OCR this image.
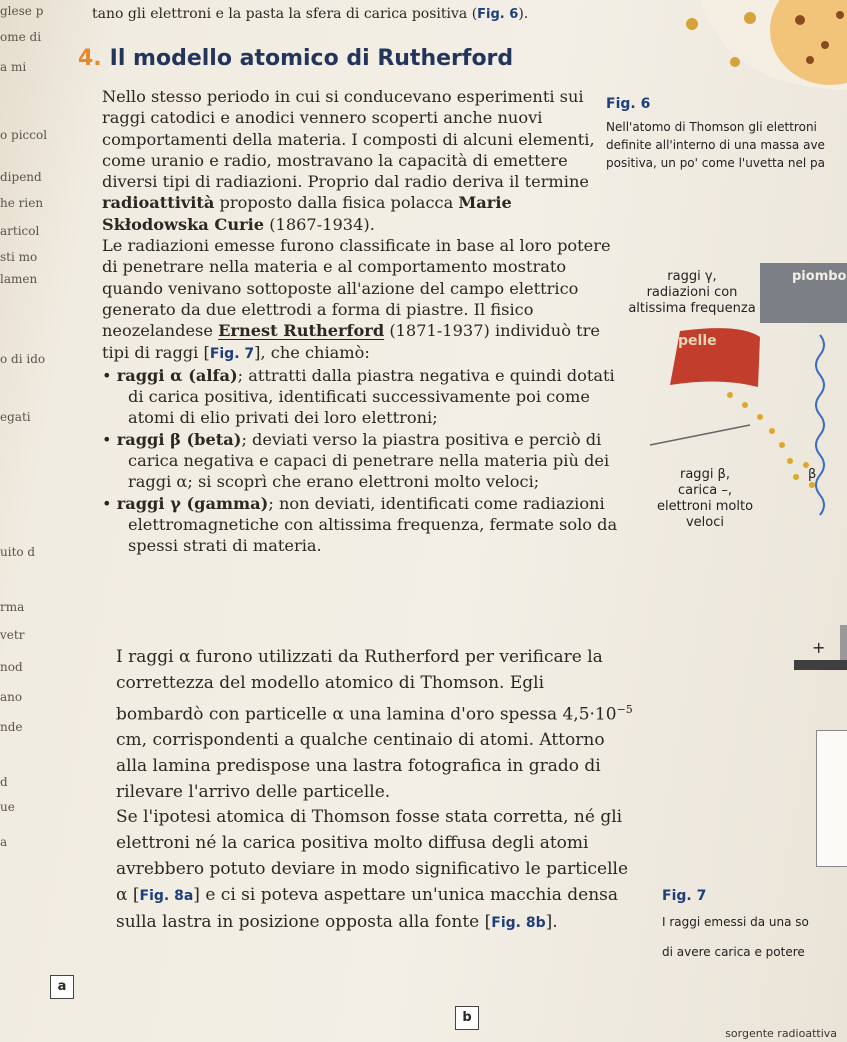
glese p
ome di
a mi
o piccol
dipend
he rien
articol
sti mo
lamen
o di ido
egati
uito d
rma
vetr
nod
ano
nde
d
ue
a
tano gli elettroni e la pasta la sfera di carica positiva (Fig. 6).
4. Il modello atomico di Rutherford

Nello stesso periodo in cui si conducevano esperimenti sui raggi catodici e anodici vennero scoperti anche nuovi comportamenti della materia. I composti di alcuni elementi, come uranio e radio, mostravano la capacità di emettere diversi tipi di radiazioni. Proprio dal radio deriva il termine radioattività proposto dalla fisica polacca Marie Skłodowska Curie (1867-1934).

Le radiazioni emesse furono classificate in base al loro potere di penetrare nella materia e al comportamento mostrato quando venivano sottoposte all'azione del campo elettrico generato da due elettrodi a forma di piastre. Il fisico neozelandese Ernest Rutherford (1871-1937) individuò tre tipi di raggi [Fig. 7], che chiamò:

• raggi α (alfa); attratti dalla piastra negativa e quindi dotati di carica positiva, identificati successivamente poi come atomi di elio privati dei loro elettroni;

• raggi β (beta); deviati verso la piastra positiva e perciò di carica negativa e capaci di penetrare nella materia più dei raggi α; si scoprì che erano elettroni molto veloci;

• raggi γ (gamma); non deviati, identificati come radiazioni elettromagnetiche con altissima frequenza, fermate solo da spessi strati di materia.

I raggi α furono utilizzati da Rutherford per verificare la correttezza del modello atomico di Thomson. Egli bombardò con particelle α una lamina d'oro spessa $4,5\cdot 10^{-5}$ cm, corrispondenti a qualche centinaio di atomi. Attorno alla lamina predispose una lastra fotografica in grado di rilevare l'arrivo delle particelle.

Se l'ipotesi atomica di Thomson fosse stata corretta, né gli elettroni né la carica positiva molto diffusa degli atomi avrebbero potuto deviare in modo significativo le particelle α [Fig. 8a] e ci si poteva aspettare un'unica macchia densa sulla lastra in posizione opposta alla fonte [Fig. 8b].

a
b
Fig. 6
Nell'atomo di Thomson gli elettroni
definite all'interno di una massa ave
positiva, un po' come l'uvetta nel pa
pelle
piombo
raggi γ,
radiazioni con
altissima frequenza
raggi β,
carica –,
elettroni molto
veloci
β
+
Fig. 7
I raggi emessi da una so
di avere carica e potere
sorgente radioattiva
